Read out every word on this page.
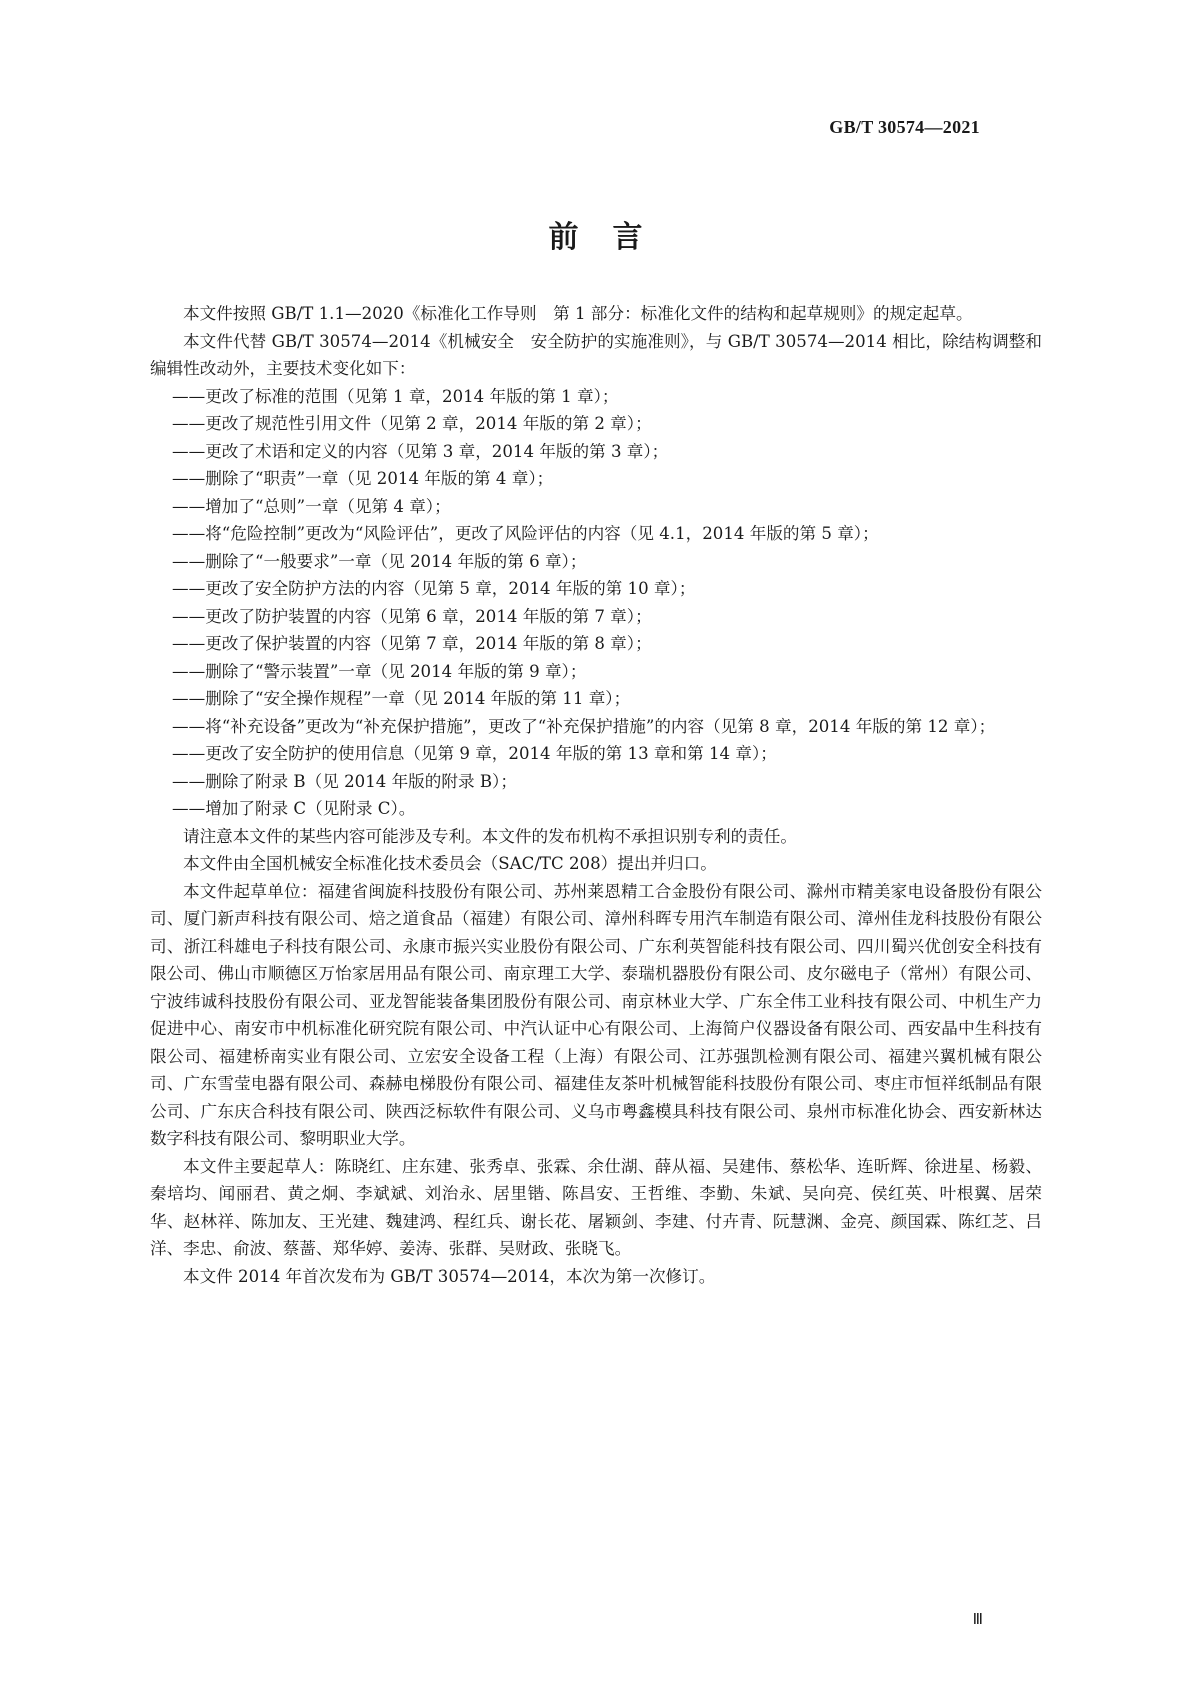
GB/T 30574—2021
前言

本文件按照 GB/T 1.1—2020《标准化工作导则　第 1 部分：标准化文件的结构和起草规则》的规定起草。

本文件代替 GB/T 30574—2014《机械安全　安全防护的实施准则》，与 GB/T 30574—2014 相比，除结构调整和编辑性改动外，主要技术变化如下：

——更改了标准的范围（见第 1 章，2014 年版的第 1 章）；

——更改了规范性引用文件（见第 2 章，2014 年版的第 2 章）；

——更改了术语和定义的内容（见第 3 章，2014 年版的第 3 章）；

——删除了“职责”一章（见 2014 年版的第 4 章）；

——增加了“总则”一章（见第 4 章）；

——将“危险控制”更改为“风险评估”，更改了风险评估的内容（见 4.1，2014 年版的第 5 章）；

——删除了“一般要求”一章（见 2014 年版的第 6 章）；

——更改了安全防护方法的内容（见第 5 章，2014 年版的第 10 章）；

——更改了防护装置的内容（见第 6 章，2014 年版的第 7 章）；

——更改了保护装置的内容（见第 7 章，2014 年版的第 8 章）；

——删除了“警示装置”一章（见 2014 年版的第 9 章）；

——删除了“安全操作规程”一章（见 2014 年版的第 11 章）；

——将“补充设备”更改为“补充保护措施”，更改了“补充保护措施”的内容（见第 8 章，2014 年版的第 12 章）；

——更改了安全防护的使用信息（见第 9 章，2014 年版的第 13 章和第 14 章）；

——删除了附录 B（见 2014 年版的附录 B）；

——增加了附录 C（见附录 C）。

请注意本文件的某些内容可能涉及专利。本文件的发布机构不承担识别专利的责任。

本文件由全国机械安全标准化技术委员会（SAC/TC 208）提出并归口。

本文件起草单位：福建省闽旋科技股份有限公司、苏州莱恩精工合金股份有限公司、滁州市精美家电设备股份有限公司、厦门新声科技有限公司、焙之道食品（福建）有限公司、漳州科晖专用汽车制造有限公司、漳州佳龙科技股份有限公司、浙江科雄电子科技有限公司、永康市振兴实业股份有限公司、广东利英智能科技有限公司、四川蜀兴优创安全科技有限公司、佛山市顺德区万怡家居用品有限公司、南京理工大学、泰瑞机器股份有限公司、皮尔磁电子（常州）有限公司、宁波纬诚科技股份有限公司、亚龙智能装备集团股份有限公司、南京林业大学、广东全伟工业科技有限公司、中机生产力促进中心、南安市中机标准化研究院有限公司、中汽认证中心有限公司、上海简户仪器设备有限公司、西安晶中生科技有限公司、福建桥南实业有限公司、立宏安全设备工程（上海）有限公司、江苏强凯检测有限公司、福建兴翼机械有限公司、广东雪莹电器有限公司、森赫电梯股份有限公司、福建佳友茶叶机械智能科技股份有限公司、枣庄市恒祥纸制品有限公司、广东庆合科技有限公司、陕西泛标软件有限公司、义乌市粤鑫模具科技有限公司、泉州市标准化协会、西安新林达数字科技有限公司、黎明职业大学。

本文件主要起草人：陈晓红、庄东建、张秀卓、张霖、余仕湖、薛从福、吴建伟、蔡松华、连昕辉、徐进星、杨毅、秦培均、闻丽君、黄之炯、李斌斌、刘治永、居里锴、陈昌安、王哲维、李勤、朱斌、吴向亮、侯红英、叶根翼、居荣华、赵林祥、陈加友、王光建、魏建鸿、程红兵、谢长花、屠颖剑、李建、付卉青、阮慧渊、金亮、颜国霖、陈红芝、吕洋、李忠、俞波、蔡蔷、郑华婷、姜涛、张群、吴财政、张晓飞。

本文件 2014 年首次发布为 GB/T 30574—2014，本次为第一次修订。

Ⅲ
